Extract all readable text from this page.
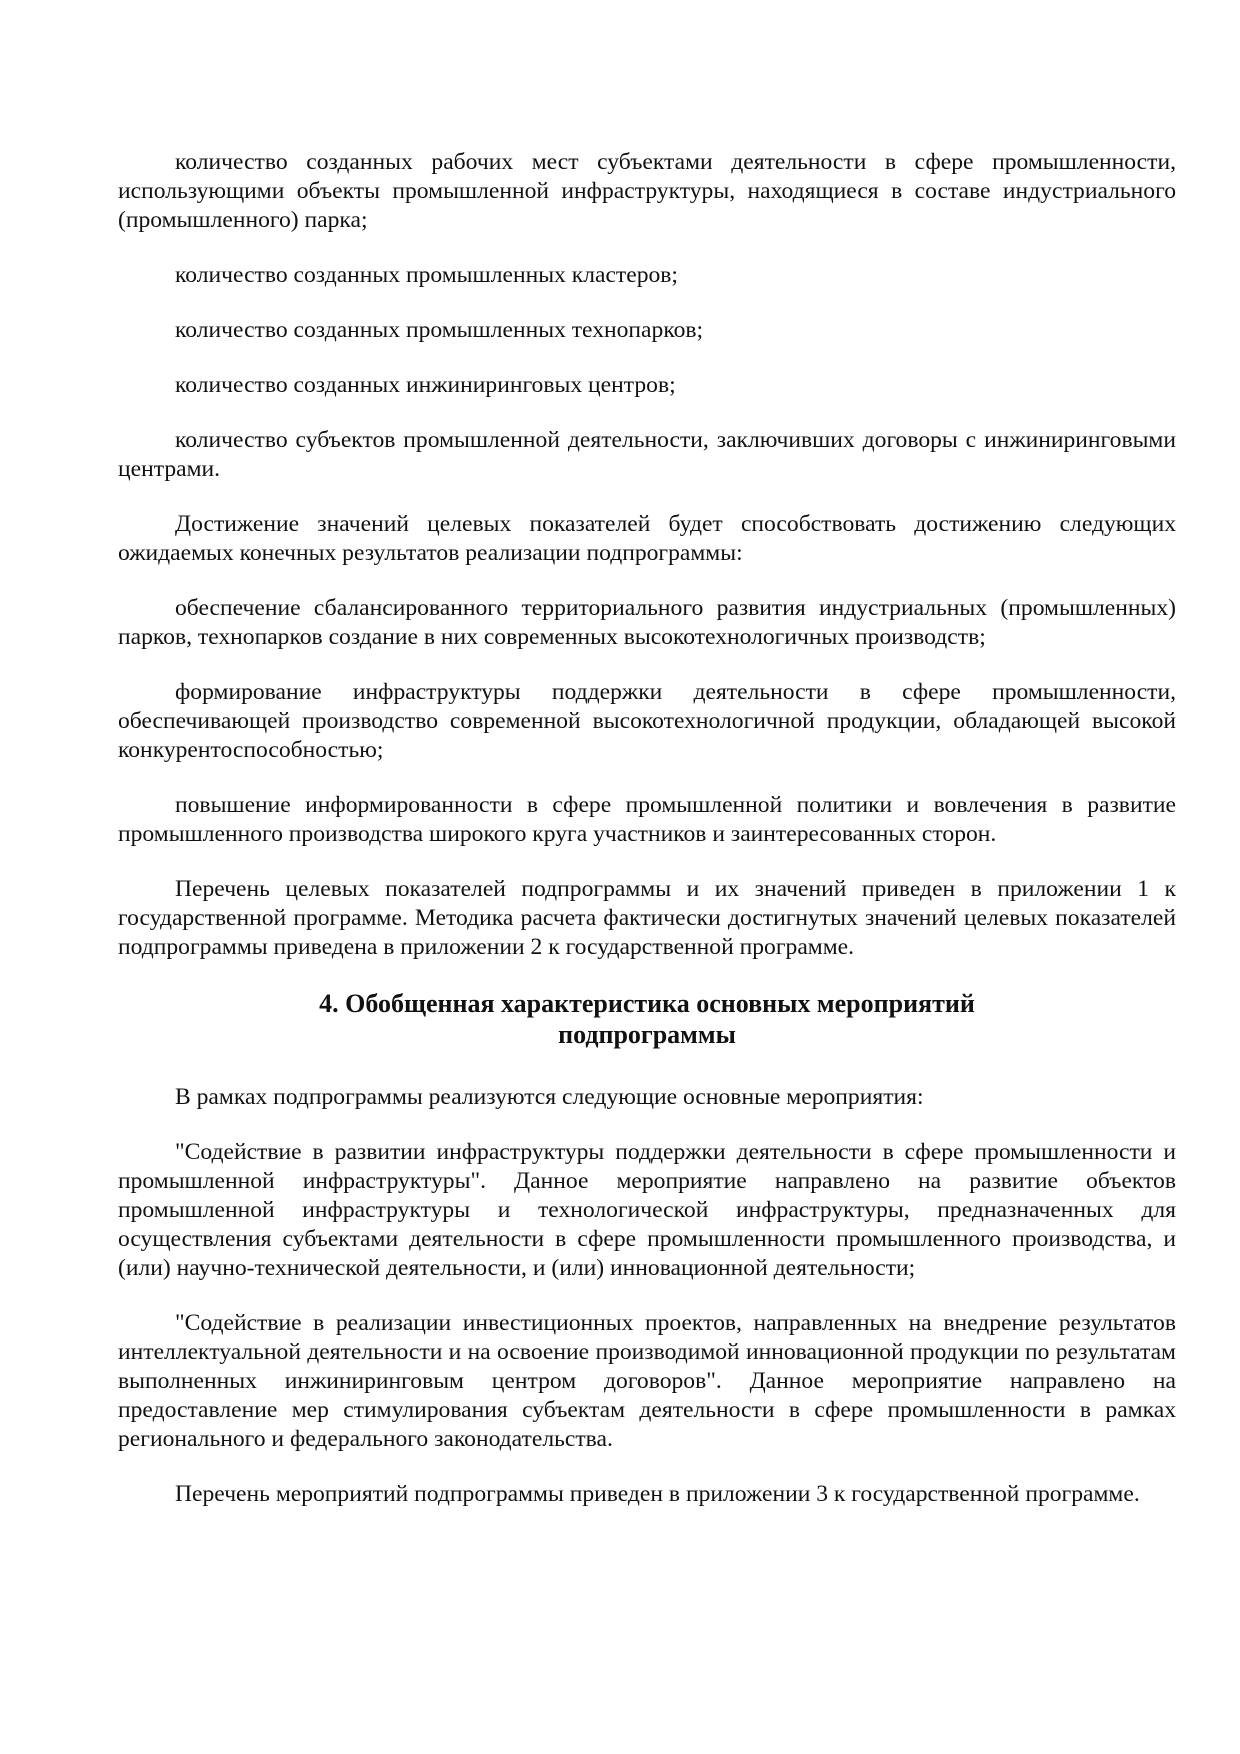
количество созданных рабочих мест субъектами деятельности в сфере промышленности, использующими объекты промышленной инфраструктуры, находящиеся в составе индустриального (промышленного) парка;

количество созданных промышленных кластеров;

количество созданных промышленных технопарков;

количество созданных инжиниринговых центров;

количество субъектов промышленной деятельности, заключивших договоры с инжиниринговыми центрами.

Достижение значений целевых показателей будет способствовать достижению следующих ожидаемых конечных результатов реализации подпрограммы:

обеспечение сбалансированного территориального развития индустриальных (промышленных) парков, технопарков создание в них современных высокотехнологичных производств;

формирование инфраструктуры поддержки деятельности в сфере промышленности, обеспечивающей производство современной высокотехнологичной продукции, обладающей высокой конкурентоспособностью;

повышение информированности в сфере промышленной политики и вовлечения в развитие промышленного производства широкого круга участников и заинтересованных сторон.

Перечень целевых показателей подпрограммы и их значений приведен в приложении 1 к государственной программе. Методика расчета фактически достигнутых значений целевых показателей подпрограммы приведена в приложении 2 к государственной программе.

4. Обобщенная характеристика основных мероприятий
подпрограммы

В рамках подпрограммы реализуются следующие основные мероприятия:

"Содействие в развитии инфраструктуры поддержки деятельности в сфере промышленности и промышленной инфраструктуры". Данное мероприятие направлено на развитие объектов промышленной инфраструктуры и технологической инфраструктуры, предназначенных для осуществления субъектами деятельности в сфере промышленности промышленного производства, и (или) научно-технической деятельности, и (или) инновационной деятельности;

"Содействие в реализации инвестиционных проектов, направленных на внедрение результатов интеллектуальной деятельности и на освоение производимой инновационной продукции по результатам выполненных инжиниринговым центром договоров". Данное мероприятие направлено на предоставление мер стимулирования субъектам деятельности в сфере промышленности в рамках регионального и федерального законодательства.

Перечень мероприятий подпрограммы приведен в приложении 3 к государственной программе.
